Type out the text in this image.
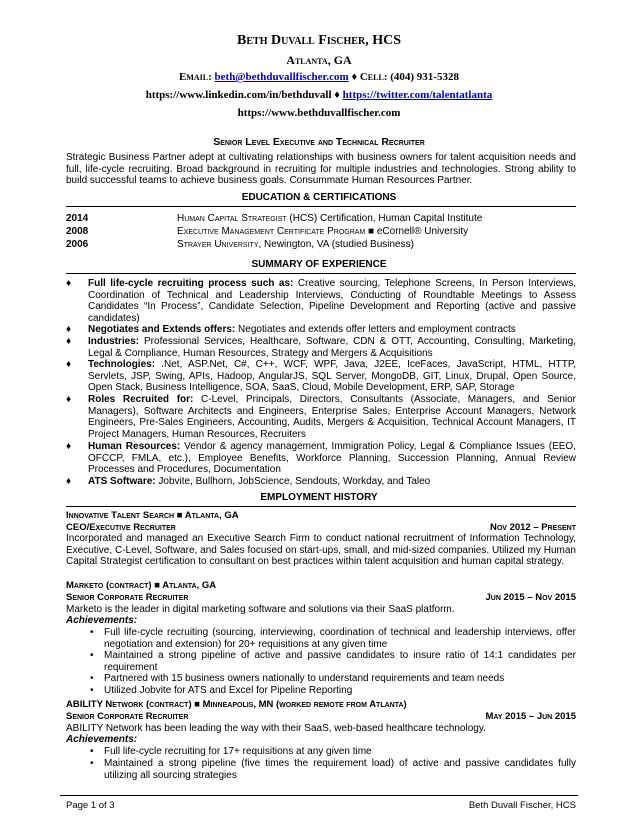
Beth Duvall Fischer, HCS
Atlanta, GA
Email: beth@bethduvallfischer.com ♦ Cell: (404) 931-5328
https://www.linkedin.com/in/bethduvall ♦ https://twitter.com/talentatlanta
https://www.bethduvallfischer.com
Senior Level Executive and Technical Recruiter
Strategic Business Partner adept at cultivating relationships with business owners for talent acquisition needs and full, life-cycle recruiting. Broad background in recruiting for multiple industries and technologies. Strong ability to build successful teams to achieve business goals. Consummate Human Resources Partner.
EDUCATION & CERTIFICATIONS
2014	Human Capital Strategist (HCS) Certification, Human Capital Institute
2008	Executive Management Certificate Program ■ eCornell® University
2006	Strayer University, Newington, VA (studied Business)
SUMMARY OF EXPERIENCE
♦ Full life-cycle recruiting process such as: Creative sourcing, Telephone Screens, In Person Interviews, Coordination of Technical and Leadership Interviews, Conducting of Roundtable Meetings to Assess Candidates “In Process”, Candidate Selection, Pipeline Development and Reporting (active and passive candidates)
♦ Negotiates and Extends offers: Negotiates and extends offer letters and employment contracts
♦ Industries: Professional Services, Healthcare, Software, CDN & OTT, Accounting, Consulting, Marketing, Legal & Compliance, Human Resources, Strategy and Mergers & Acquisitions
♦ Technologies: .Net, ASP.Net, C#, C++, WCF, WPF, Java, J2EE, IceFaces, JavaScript, HTML, HTTP, Servlets, JSP, Swing, APIs, Hadoop, AngularJS, SQL Server, MongoDB, GIT, Linux, Drupal, Open Source, Open Stack, Business Intelligence, SOA, SaaS, Cloud, Mobile Development, ERP, SAP, Storage
♦ Roles Recruited for: C-Level, Principals, Directors, Consultants (Associate, Managers, and Senior Managers), Software Architects and Engineers, Enterprise Sales, Enterprise Account Managers, Network Engineers, Pre-Sales Engineers, Accounting, Audits, Mergers & Acquisition, Technical Account Managers, IT Project Managers, Human Resources, Recruiters
♦ Human Resources: Vendor & agency management, Immigration Policy, Legal & Compliance Issues (EEO, OFCCP, FMLA, etc.), Employee Benefits, Workforce Planning, Succession Planning, Annual Review Processes and Procedures, Documentation
♦ ATS Software: Jobvite, Bullhorn, JobScience, Sendouts, Workday, and Taleo
EMPLOYMENT HISTORY
Innovative Talent Search ■ Atlanta, GA
CEO/Executive Recruiter	Nov 2012 – Present
Incorporated and managed an Executive Search Firm to conduct national recruitment of Information Technology, Executive, C-Level, Software, and Sales focused on start-ups, small, and mid-sized companies. Utilized my Human Capital Strategist certification to consultant on best practices within talent acquisition and human capital strategy.
Marketo (contract) ■ Atlanta, GA
Senior Corporate Recruiter	Jun 2015 – Nov 2015
Marketo is the leader in digital marketing software and solutions via their SaaS platform.
Achievements:
• Full life-cycle recruiting (sourcing, interviewing, coordination of technical and leadership interviews, offer negotiation and extension) for 20+ requisitions at any given time
• Maintained a strong pipeline of active and passive candidates to insure ratio of 14:1 candidates per requirement
• Partnered with 15 business owners nationally to understand requirements and team needs
• Utilized Jobvite for ATS and Excel for Pipeline Reporting
ABILITY Network (contract) ■ Minneapolis, MN (worked remote from Atlanta)
Senior Corporate Recruiter	May 2015 – Jun 2015
ABILITY Network has been leading the way with their SaaS, web-based healthcare technology.
Achievements:
• Full life-cycle recruiting for 17+ requisitions at any given time
• Maintained a strong pipeline (five times the requirement load) of active and passive candidates fully utilizing all sourcing strategies
Page 1 of 3	Beth Duvall Fischer, HCS
